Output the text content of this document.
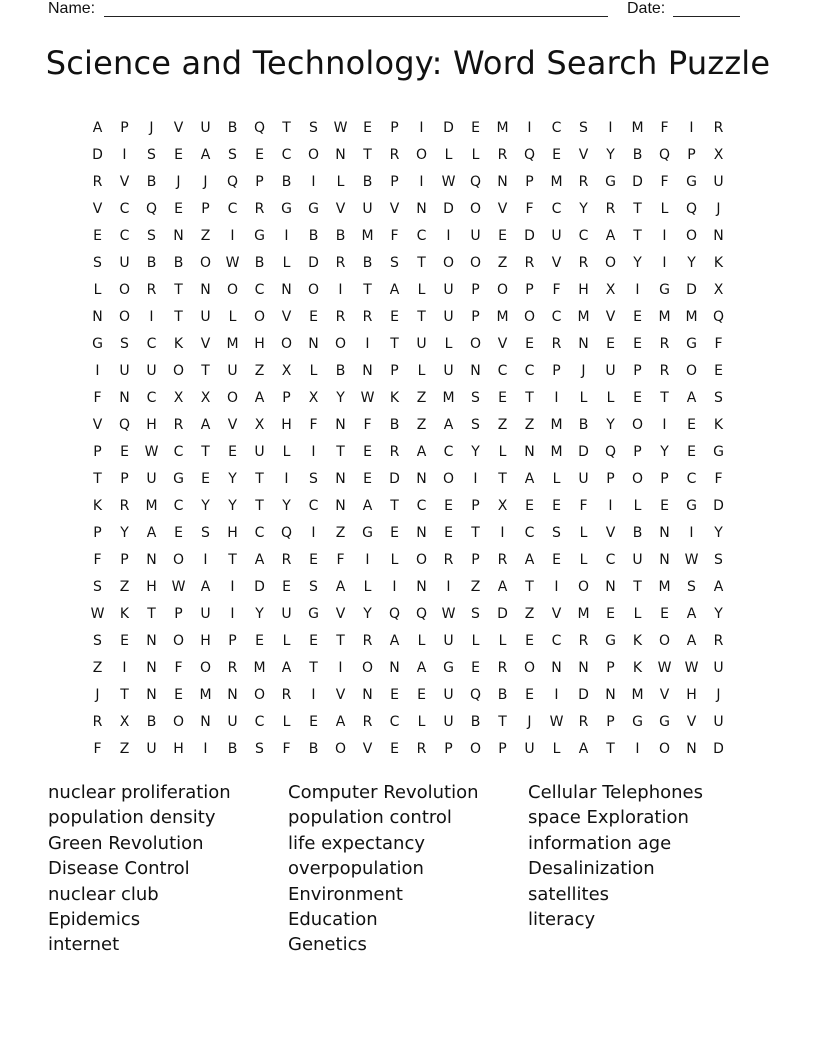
Name:	Date:
Science and Technology: Word Search Puzzle
A	P	J	V	U	B	Q	T	S	W	E	P	I	D	E	M	I	C	S	I	M	F	I	R
D	I	S	E	A	S	E	C	O	N	T	R	O	L	L	R	Q	E	V	Y	B	Q	P	X
R	V	B	J	J	Q	P	B	I	L	B	P	I	W	Q	N	P	M	R	G	D	F	G	U
V	C	Q	E	P	C	R	G	G	V	U	V	N	D	O	V	F	C	Y	R	T	L	Q	J
E	C	S	N	Z	I	G	I	B	B	M	F	C	I	U	E	D	U	C	A	T	I	O	N
S	U	B	B	O	W	B	L	D	R	B	S	T	O	O	Z	R	V	R	O	Y	I	Y	K
L	O	R	T	N	O	C	N	O	I	T	A	L	U	P	O	P	F	H	X	I	G	D	X
N	O	I	T	U	L	O	V	E	R	R	E	T	U	P	M	O	C	M	V	E	M	M	Q
G	S	C	K	V	M	H	O	N	O	I	T	U	L	O	V	E	R	N	E	E	R	G	F
I	U	U	O	T	U	Z	X	L	B	N	P	L	U	N	C	C	P	J	U	P	R	O	E
F	N	C	X	X	O	A	P	X	Y	W	K	Z	M	S	E	T	I	L	L	E	T	A	S
V	Q	H	R	A	V	X	H	F	N	F	B	Z	A	S	Z	Z	M	B	Y	O	I	E	K
P	E	W	C	T	E	U	L	I	T	E	R	A	C	Y	L	N	M	D	Q	P	Y	E	G
T	P	U	G	E	Y	T	I	S	N	E	D	N	O	I	T	A	L	U	P	O	P	C	F
K	R	M	C	Y	Y	T	Y	C	N	A	T	C	E	P	X	E	E	F	I	L	E	G	D
P	Y	A	E	S	H	C	Q	I	Z	G	E	N	E	T	I	C	S	L	V	B	N	I	Y
F	P	N	O	I	T	A	R	E	F	I	L	O	R	P	R	A	E	L	C	U	N	W	S
S	Z	H	W	A	I	D	E	S	A	L	I	N	I	Z	A	T	I	O	N	T	M	S	A
W	K	T	P	U	I	Y	U	G	V	Y	Q	Q	W	S	D	Z	V	M	E	L	E	A	Y
S	E	N	O	H	P	E	L	E	T	R	A	L	U	L	L	E	C	R	G	K	O	A	R
Z	I	N	F	O	R	M	A	T	I	O	N	A	G	E	R	O	N	N	P	K	W W	U
J	T	N	E	M	N	O	R	I	V	N	E	E	U	Q	B	E	I	D	N	M	V	H	J
R	X	B	O	N	U	C	L	E	A	R	C	L	U	B	T	J	W	R	P	G	G	V	U
F	Z	U	H	I	B	S	F	B	O	V	E	R	P	O	P	U	L	A	T	I	O	N	D
nuclear proliferation
population density
Green Revolution
Disease Control
nuclear club
Epidemics
internet
Computer Revolution
population control
life expectancy
overpopulation
Environment
Education
Genetics
Cellular Telephones
space Exploration
information age
Desalinization
satellites
literacy
